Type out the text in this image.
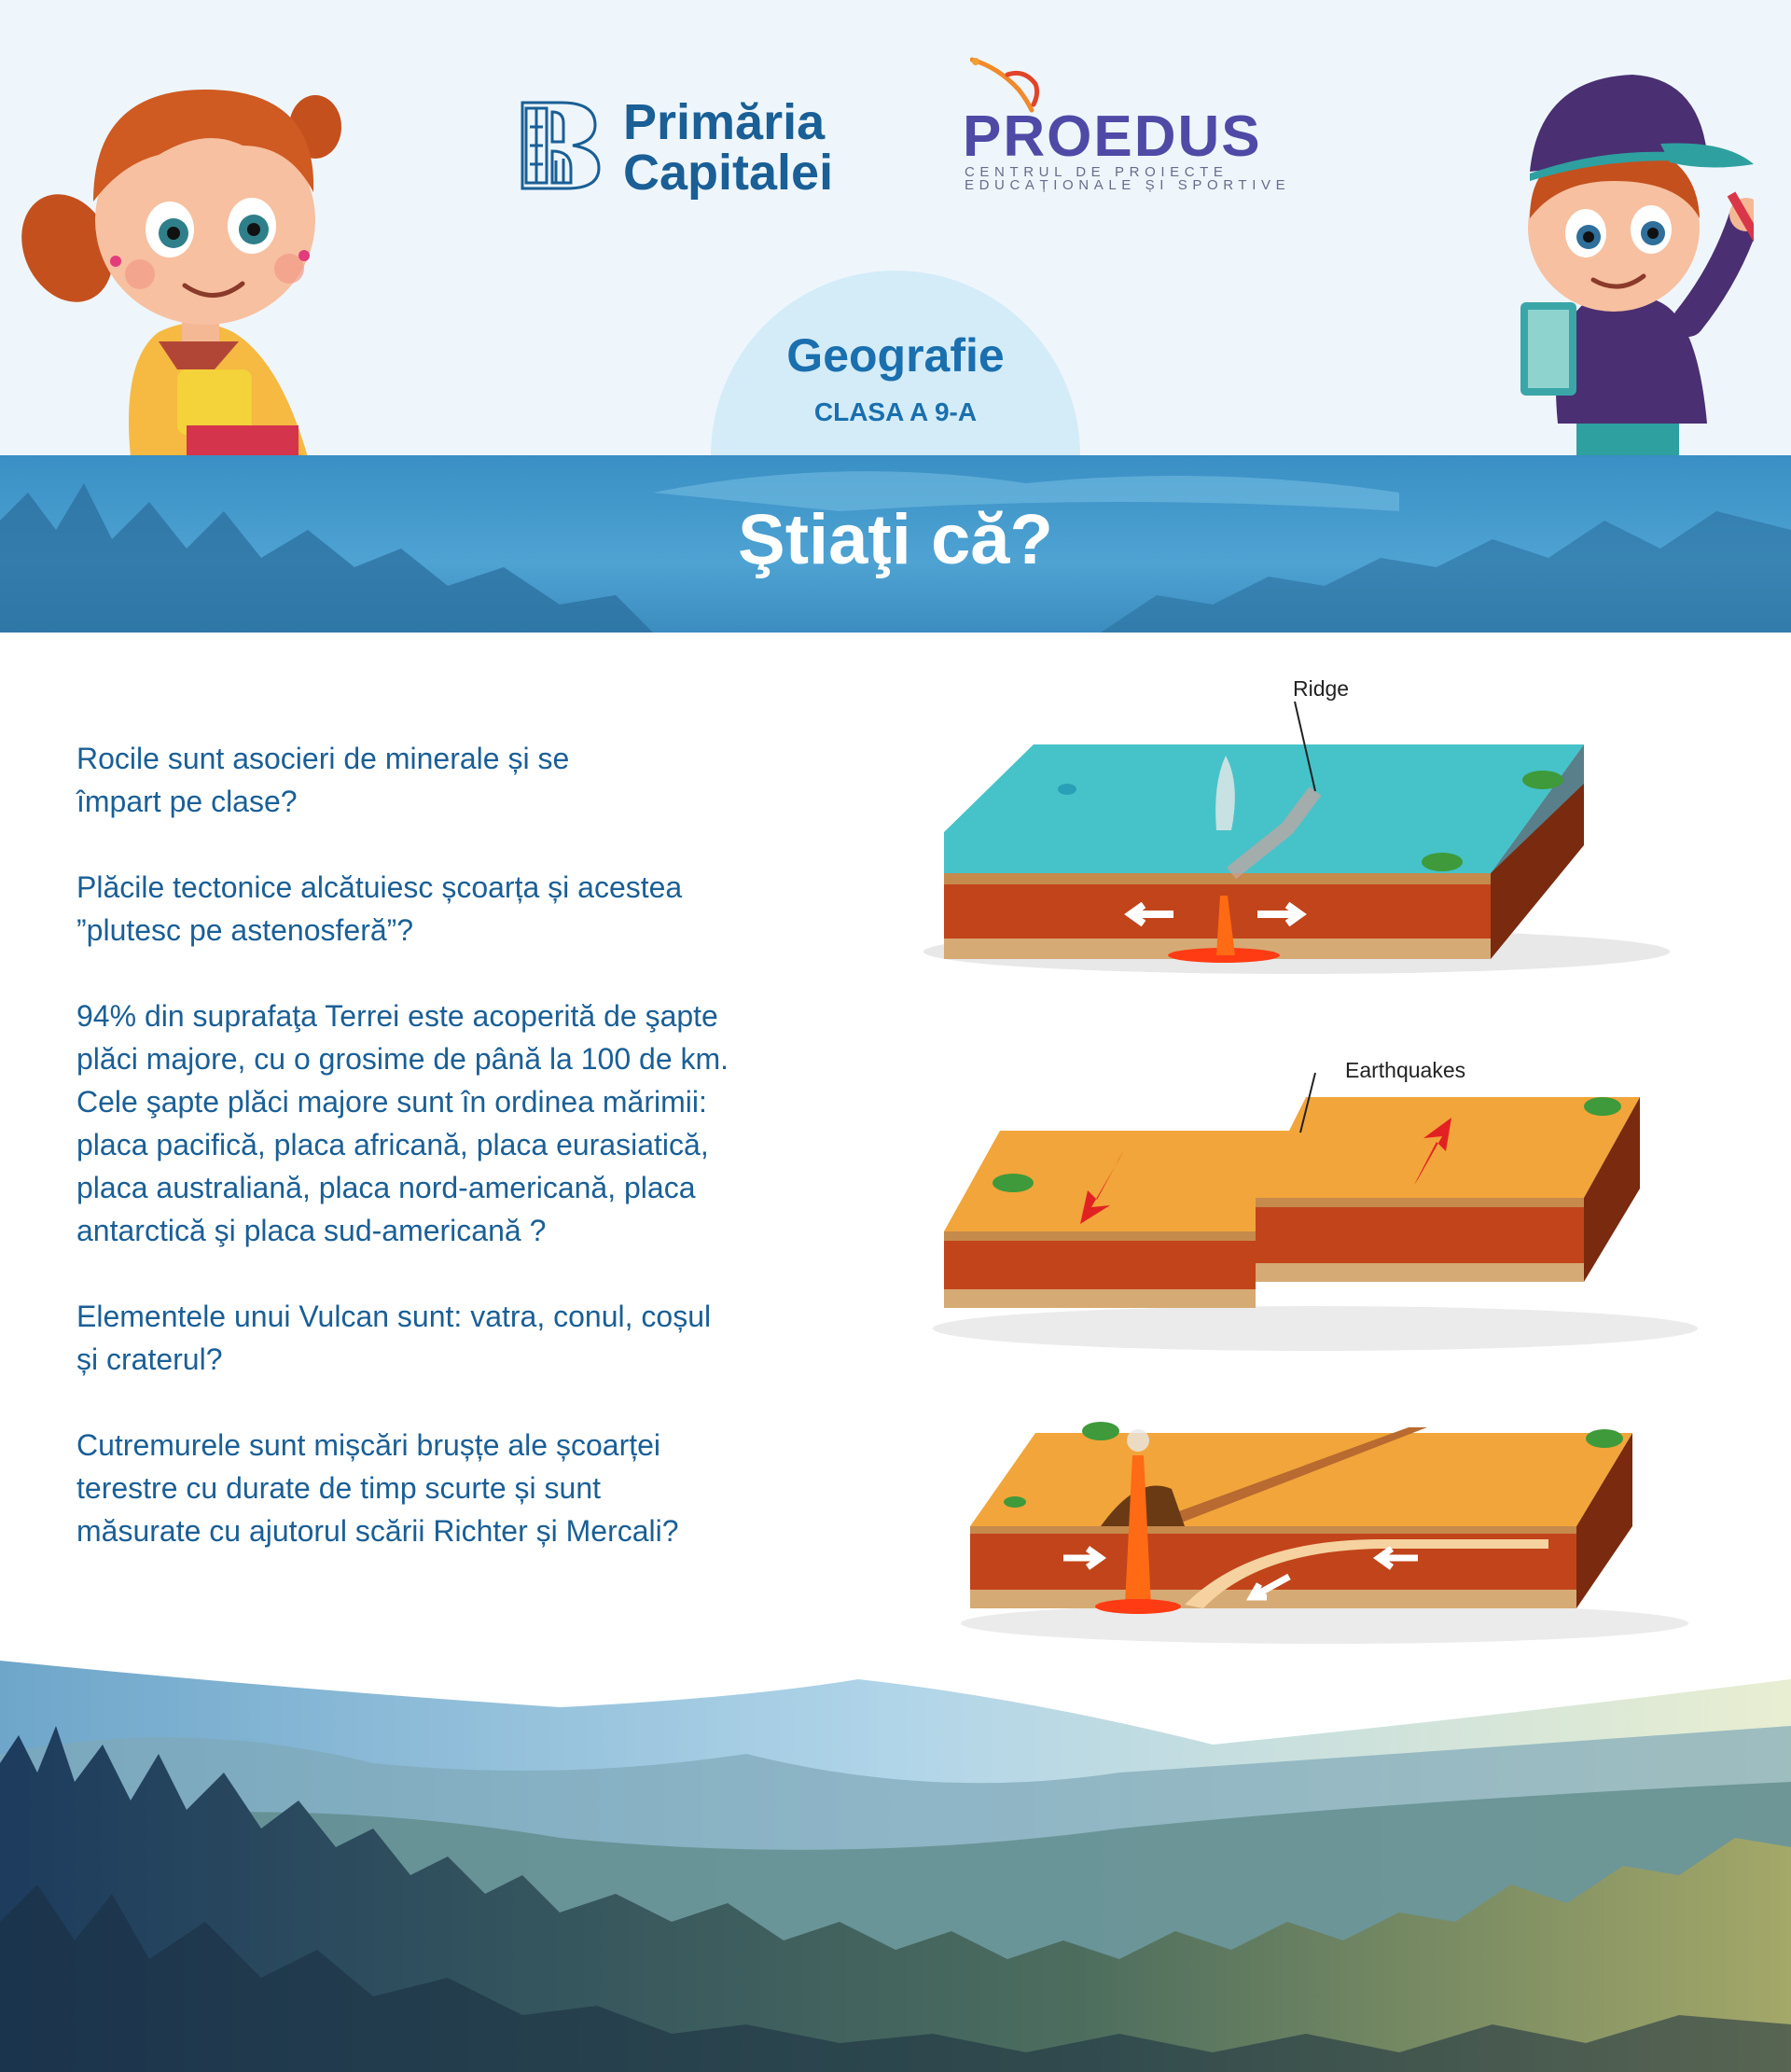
Geografie
CLASA A 9-A
Primăria
Capitalei
PROEDUS
CENTRUL DE PROIECTE
EDUCAȚIONALE ȘI SPORTIVE
Ştiaţi că?

Rocile sunt asocieri de minerale și se
împart pe clase?

Plăcile tectonice alcătuiesc școarța și acestea
”plutesc pe astenosferă”?

94% din suprafaţa Terrei este acoperită de şapte
plăci majore, cu o grosime de până la 100 de km.
Cele şapte plăci majore sunt în ordinea mărimii:
placa pacifică, placa africană, placa eurasiatică,
placa australiană, placa nord-americană, placa
antarctică şi placa sud-americană ?

Elementele unui Vulcan sunt: vatra, conul, coșul
și craterul?

Cutremurele sunt mișcări brușțe ale școarței
terestre cu durate de timp scurte și sunt
măsurate cu ajutorul scării Richter și Mercali?

Ridge
Earthquakes
